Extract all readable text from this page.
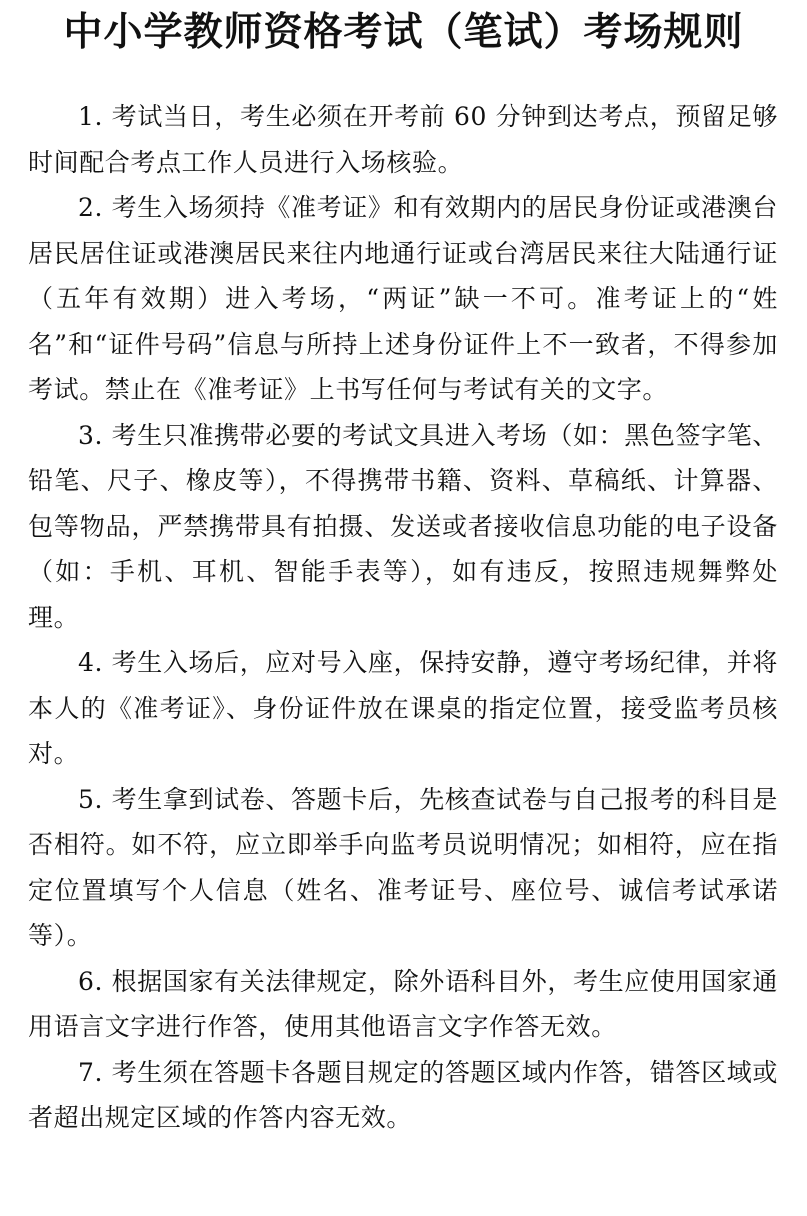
中小学教师资格考试（笔试）考场规则

1. 考试当日，考生必须在开考前 60 分钟到达考点，预留足够时间配合考点工作人员进行入场核验。

2. 考生入场须持《准考证》和有效期内的居民身份证或港澳台居民居住证或港澳居民来往内地通行证或台湾居民来往大陆通行证（五年有效期）进入考场，“两证”缺一不可。准考证上的“姓名”和“证件号码”信息与所持上述身份证件上不一致者，不得参加考试。禁止在《准考证》上书写任何与考试有关的文字。

3. 考生只准携带必要的考试文具进入考场（如：黑色签字笔、铅笔、尺子、橡皮等），不得携带书籍、资料、草稿纸、计算器、包等物品，严禁携带具有拍摄、发送或者接收信息功能的电子设备（如：手机、耳机、智能手表等），如有违反，按照违规舞弊处理。

4. 考生入场后，应对号入座，保持安静，遵守考场纪律，并将本人的《准考证》、身份证件放在课桌的指定位置，接受监考员核对。

5. 考生拿到试卷、答题卡后，先核查试卷与自己报考的科目是否相符。如不符，应立即举手向监考员说明情况；如相符，应在指定位置填写个人信息（姓名、准考证号、座位号、诚信考试承诺等）。

6. 根据国家有关法律规定，除外语科目外，考生应使用国家通用语言文字进行作答，使用其他语言文字作答无效。

7. 考生须在答题卡各题目规定的答题区域内作答，错答区域或者超出规定区域的作答内容无效。
